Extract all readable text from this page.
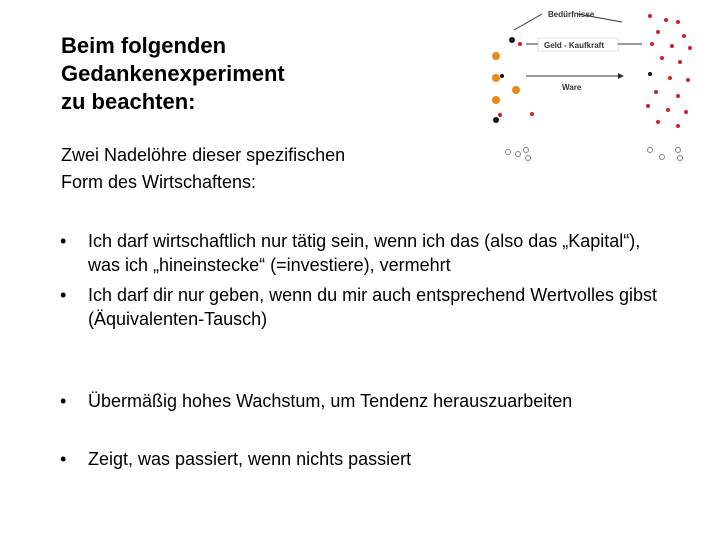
Beim folgenden
Gedankenexperiment
zu beachten:
Bedürfnisse
Geld - Kaufkraft
Ware
Zwei Nadelöhre dieser spezifischen
Form des Wirtschaftens:
• Ich darf wirtschaftlich nur tätig sein, wenn ich das (also das „Kapital“), was ich „hineinstecke“ (=investiere), vermehrt
• Ich darf dir nur geben, wenn du mir auch entsprechend Wertvolles gibst (Äquivalenten-Tausch)
• Übermäßig hohes Wachstum, um Tendenz herauszuarbeiten
• Zeigt, was passiert, wenn nichts passiert
